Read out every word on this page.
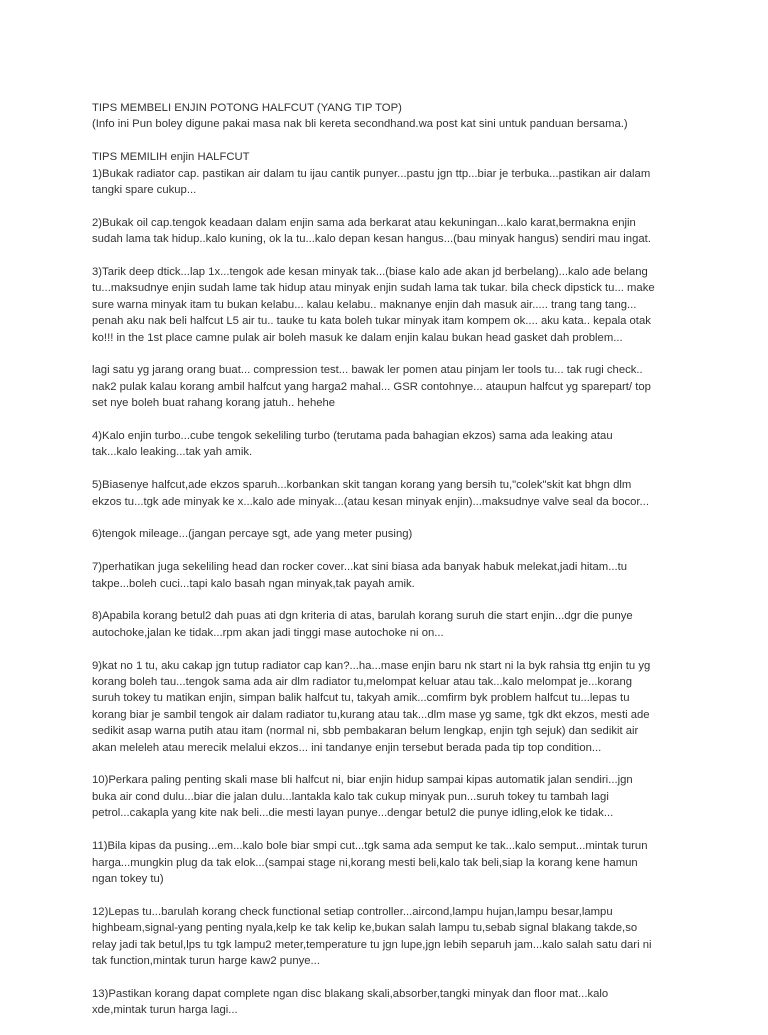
TIPS MEMBELI ENJIN POTONG HALFCUT (YANG TIP TOP)
(Info ini Pun boley digune pakai masa nak bli kereta secondhand.wa post kat sini untuk panduan bersama.)

TIPS MEMILIH enjin HALFCUT

1)Bukak radiator cap. pastikan air dalam tu ijau cantik punyer...pastu jgn ttp...biar je terbuka...pastikan air dalam
tangki spare cukup...

2)Bukak oil cap.tengok keadaan dalam enjin sama ada berkarat atau kekuningan...kalo karat,bermakna enjin
sudah lama tak hidup..kalo kuning, ok la tu...kalo depan kesan hangus...(bau minyak hangus) sendiri mau ingat.

3)Tarik deep dtick...lap 1x...tengok ade kesan minyak tak...(biase kalo ade akan jd berbelang)...kalo ade belang
tu...maksudnye enjin sudah lame tak hidup atau minyak enjin sudah lama tak tukar. bila check dipstick tu... make
sure warna minyak itam tu bukan kelabu... kalau kelabu.. maknanye enjin dah masuk air..... trang tang tang...
penah aku nak beli halfcut L5 air tu.. tauke tu kata boleh tukar minyak itam kompem ok.... aku kata.. kepala otak
ko!!! in the 1st place camne pulak air boleh masuk ke dalam enjin kalau bukan head gasket dah problem...

lagi satu yg jarang orang buat... compression test... bawak ler pomen atau pinjam ler tools tu... tak rugi check..
nak2 pulak kalau korang ambil halfcut yang harga2 mahal... GSR contohnye... ataupun halfcut yg sparepart/ top
set nye boleh buat rahang korang jatuh.. hehehe

4)Kalo enjin turbo...cube tengok sekeliling turbo (terutama pada bahagian ekzos) sama ada leaking atau
tak...kalo leaking...tak yah amik.

5)Biasenye halfcut,ade ekzos sparuh...korbankan skit tangan korang yang bersih tu,"colek"skit kat bhgn dlm
ekzos tu...tgk ade minyak ke x...kalo ade minyak...(atau kesan minyak enjin)...maksudnye valve seal da bocor...

6)tengok mileage...(jangan percaye sgt, ade yang meter pusing)

7)perhatikan juga sekeliling head dan rocker cover...kat sini biasa ada banyak habuk melekat,jadi hitam...tu
takpe...boleh cuci...tapi kalo basah ngan minyak,tak payah amik.

8)Apabila korang betul2 dah puas ati dgn kriteria di atas, barulah korang suruh die start enjin...dgr die punye
autochoke,jalan ke tidak...rpm akan jadi tinggi mase autochoke ni on...

9)kat no 1 tu, aku cakap jgn tutup radiator cap kan?...ha...mase enjin baru nk start ni la byk rahsia ttg enjin tu yg
korang boleh tau...tengok sama ada air dlm radiator tu,melompat keluar atau tak...kalo melompat je...korang
suruh tokey tu matikan enjin, simpan balik halfcut tu, takyah amik...comfirm byk problem halfcut tu...lepas tu
korang biar je sambil tengok air dalam radiator tu,kurang atau tak...dlm mase yg same, tgk dkt ekzos, mesti ade
sedikit asap warna putih atau itam (normal ni, sbb pembakaran belum lengkap, enjin tgh sejuk) dan sedikit air
akan meleleh atau merecik melalui ekzos... ini tandanye enjin tersebut berada pada tip top condition...

10)Perkara paling penting skali mase bli halfcut ni, biar enjin hidup sampai kipas automatik jalan sendiri...jgn
buka air cond dulu...biar die jalan dulu...lantakla kalo tak cukup minyak pun...suruh tokey tu tambah lagi
petrol...cakapla yang kite nak beli...die mesti layan punye...dengar betul2 die punye idling,elok ke tidak...

11)Bila kipas da pusing...em...kalo bole biar smpi cut...tgk sama ada semput ke tak...kalo semput...mintak turun
harga...mungkin plug da tak elok...(sampai stage ni,korang mesti beli,kalo tak beli,siap la korang kene hamun
ngan tokey tu)

12)Lepas tu...barulah korang check functional setiap controller...aircond,lampu hujan,lampu besar,lampu
highbeam,signal-yang penting nyala,kelp ke tak kelip ke,bukan salah lampu tu,sebab signal blakang takde,so
relay jadi tak betul,lps tu tgk lampu2 meter,temperature tu jgn lupe,jgn lebih separuh jam...kalo salah satu dari ni
tak function,mintak turun harge kaw2 punye...

13)Pastikan korang dapat complete ngan disc blakang skali,absorber,tangki minyak dan floor mat...kalo
xde,mintak turun harga lagi...
